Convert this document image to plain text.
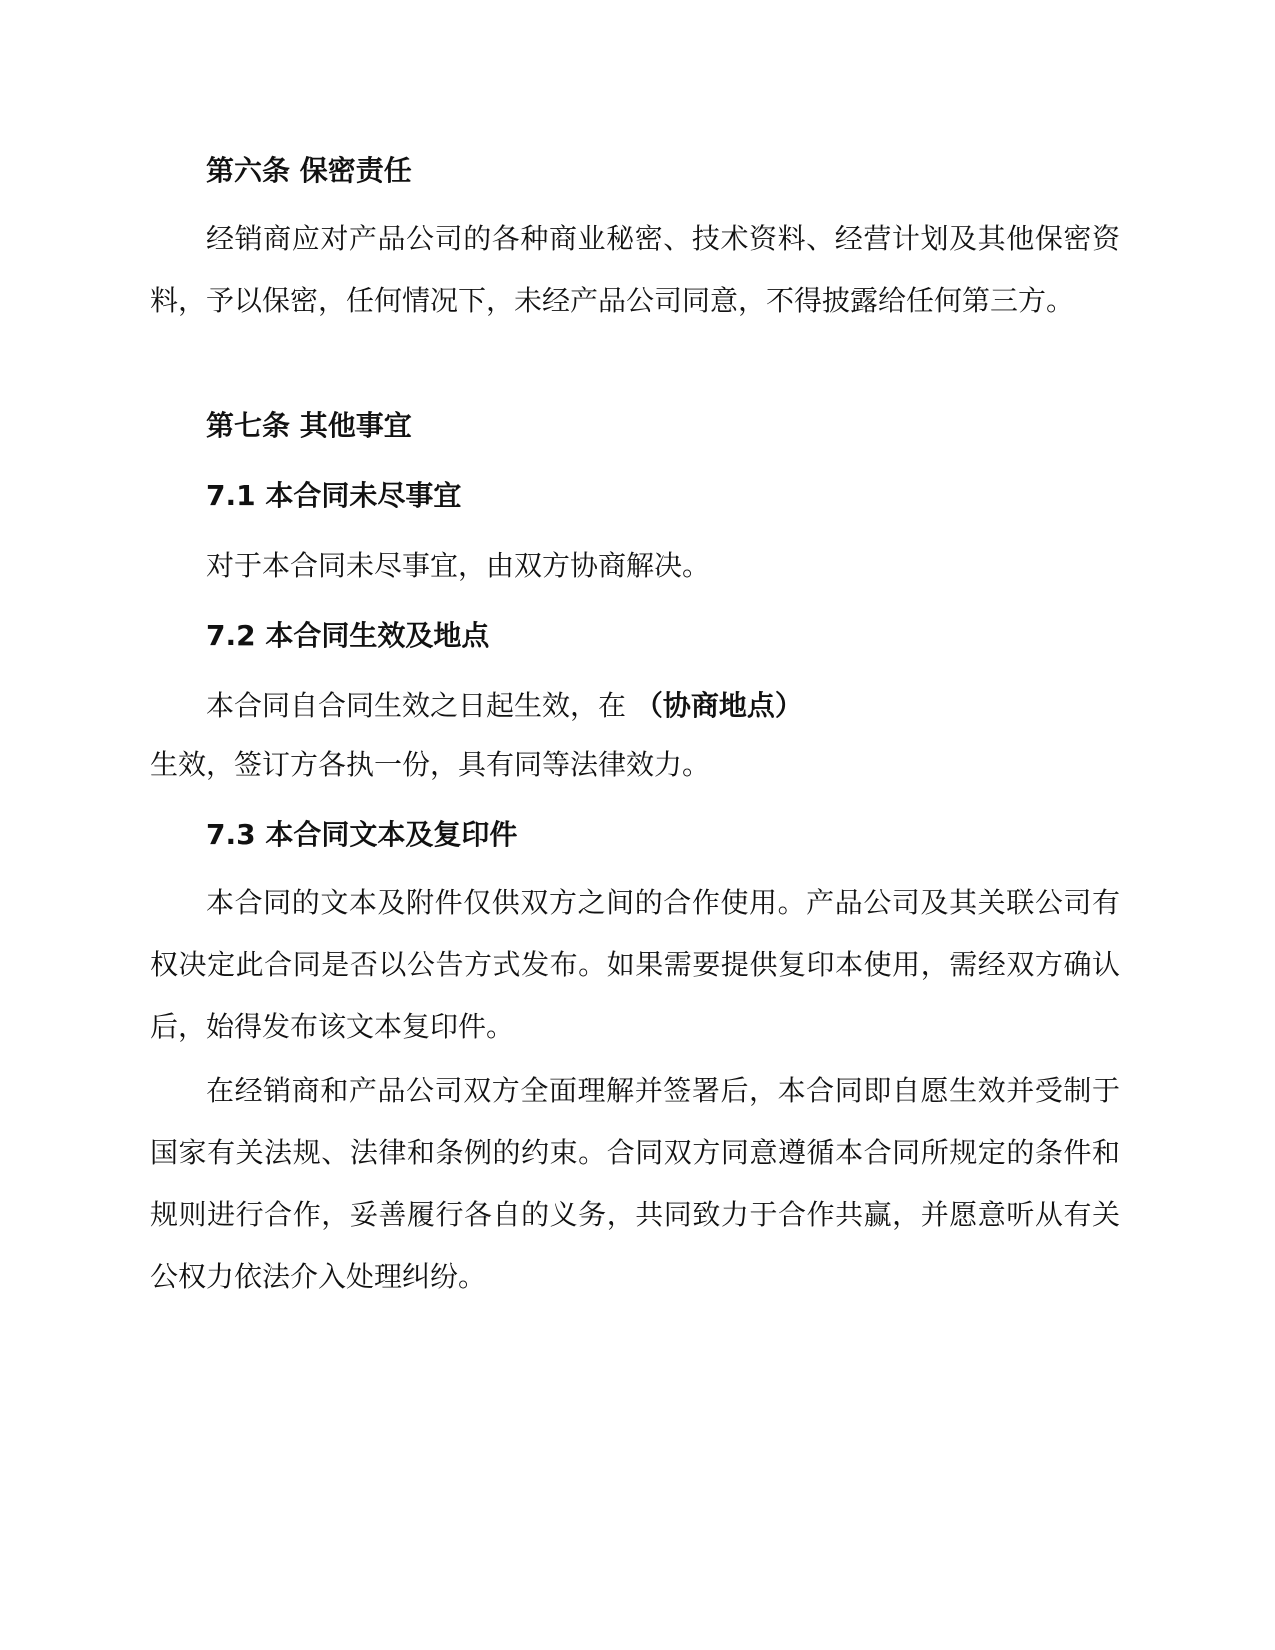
第六条 保密责任

经销商应对产品公司的各种商业秘密、技术资料、经营计划及其他保密资料，予以保密，任何情况下，未经产品公司同意，不得披露给任何第三方。

第七条 其他事宜

7.1 本合同未尽事宜

对于本合同未尽事宜，由双方协商解决。

7.2 本合同生效及地点

本合同自合同生效之日起生效，在 （协商地点）

生效，签订方各执一份，具有同等法律效力。

7.3 本合同文本及复印件

本合同的文本及附件仅供双方之间的合作使用。产品公司及其关联公司有权决定此合同是否以公告方式发布。如果需要提供复印本使用，需经双方确认后，始得发布该文本复印件。

在经销商和产品公司双方全面理解并签署后，本合同即自愿生效并受制于国家有关法规、法律和条例的约束。合同双方同意遵循本合同所规定的条件和规则进行合作，妥善履行各自的义务，共同致力于合作共赢，并愿意听从有关公权力依法介入处理纠纷。
